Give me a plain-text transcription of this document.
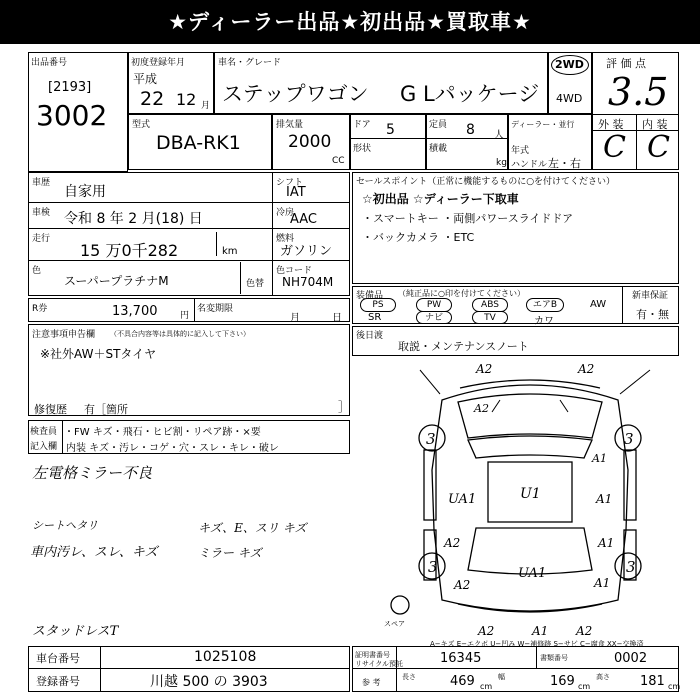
★ディーラー出品★初出品★買取車★
出品番号
[2193]
3002
初度登録年月
平成
22 12 月
車名・グレード
ステップワゴン G Lパッケージ
2WD
4WD
評 価 点
3.5
外 装 内 装
C C
型式
DBA-RK1
排気量
2000
CC
ドア 5
形状
定員 8 人
積載
kg
ディーラー・並行
年式
ハンドル 左・右
車歴
自家用
車検 令和 8 年 2 月(18) 日
走行
15 万0千282	km
色
スーパープラチナM	色替
シフト
IAT
冷房
AAC
燃料
ガソリン
色コード
NH704M
R券	13,700	円
名変期限
月	日
注意事項申告欄 （不具合内容等は具体的に記入して下さい）
※社外AW＋STタイヤ
修復歴 有［箇所	］
検査員
記入欄
・FW キズ・飛石・ヒビ割・リペア跡・×要
内装 キズ・汚レ・コゲ・穴・スレ・キレ・破レ
左電格ミラー不良
シートヘタリ
車内汚レ、スレ、キズ
キズ、E、スリ キズ
ミラー キズ
スタッドレスT
セールスポイント（正常に機能するものに○を付けてください）
☆初出品 ☆ディーラー下取車
・スマートキー ・両側パワースライドドア
・バックカメラ ・ETC
装備品 （純正品に○印を付けてください）
PS	PW	ABS	エアB	AW
SR	ナビ	TV	カワ
新車保証
有・無
後日渡
取説・メンテナンスノート
A2	A2
3	3
A2
A1
U1
UA1
3	3
A2
A1
UA1
A2	A1
A1
A2	A1 A2
スペア
A−キズ E−エクボ U−凹み W−補修跡 S−サビ C−腐食 XX−交換済
車台番号	1025108
登録番号	川越 500 の 3903
証明書番号
リサイクル預託	16345	書類番号	0002
参 考
長さ	469 cm
幅	169 cm
高さ 181 cm
